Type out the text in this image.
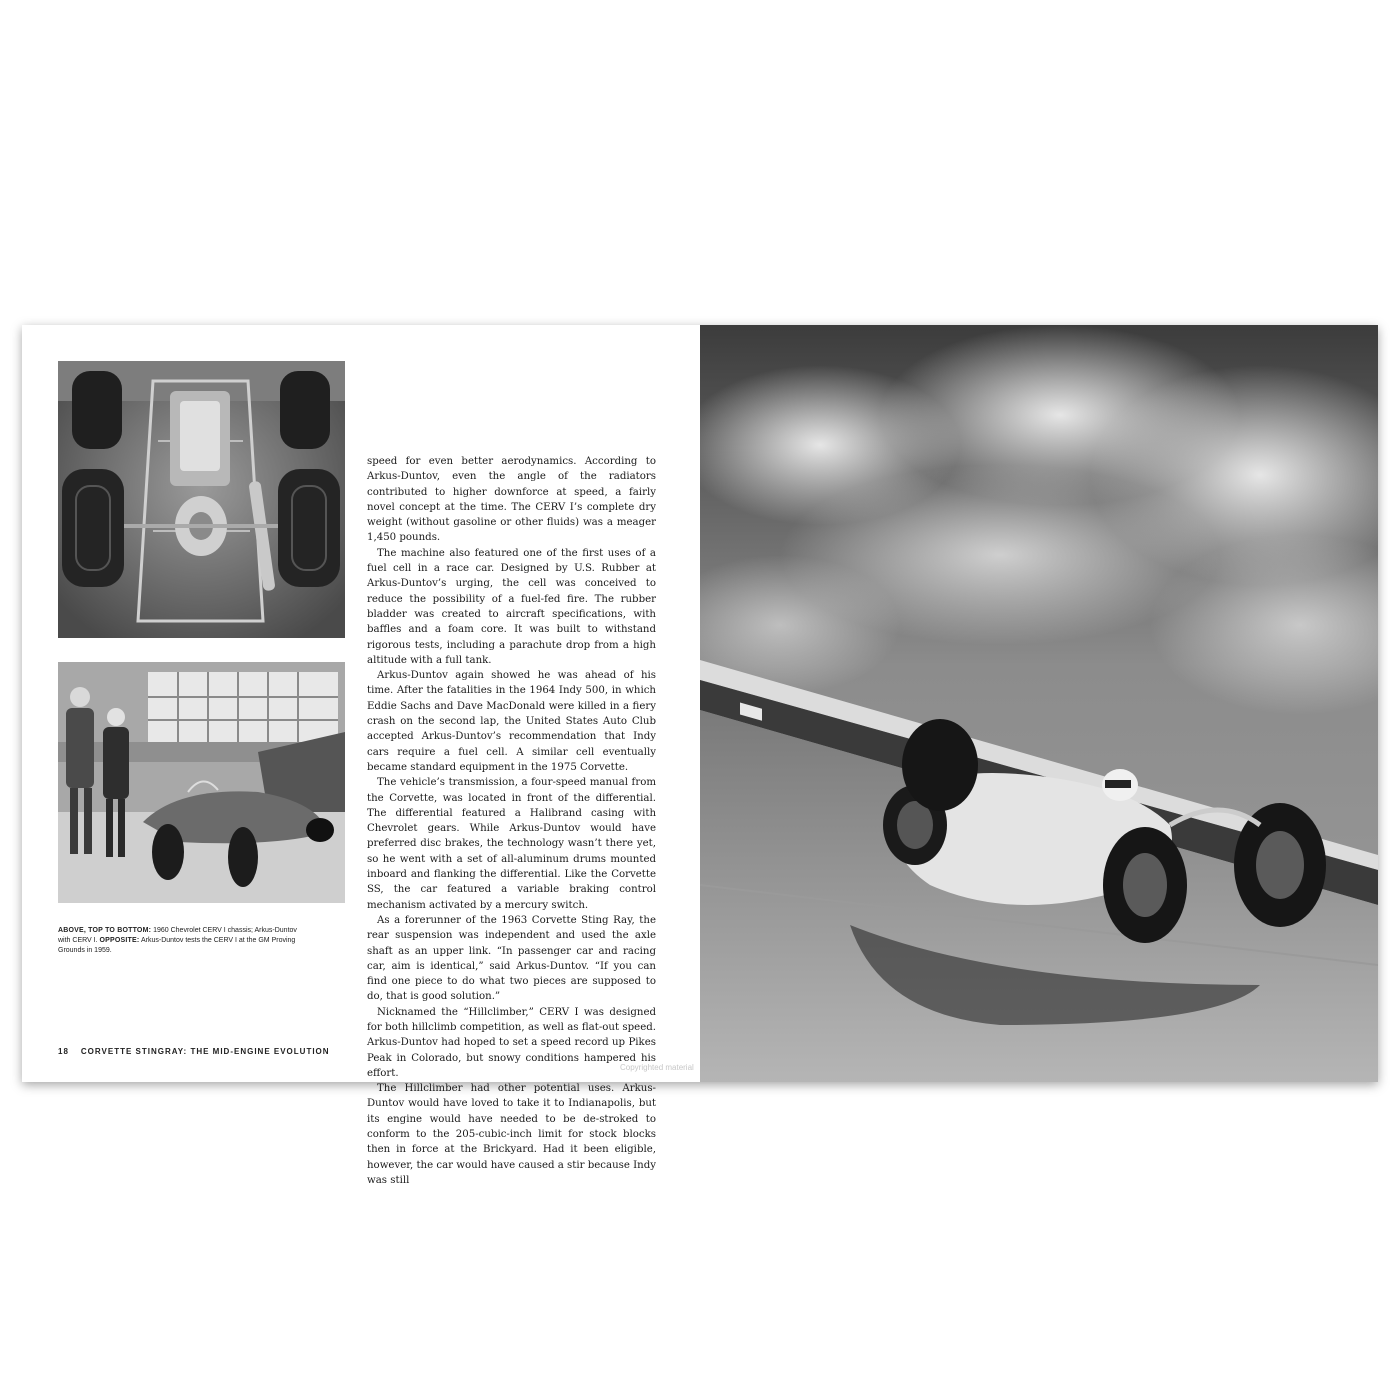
ABOVE, TOP TO BOTTOM: 1960 Chevrolet CERV I chassis; Arkus-Duntov with CERV I. OPPOSITE: Arkus-Duntov tests the CERV I at the GM Proving Grounds in 1959.

speed for even better aerodynamics. According to Arkus-Duntov, even the angle of the radiators contributed to higher downforce at speed, a fairly novel concept at the time. The CERV I’s complete dry weight (without gasoline or other fluids) was a meager 1,450 pounds.

The machine also featured one of the first uses of a fuel cell in a race car. Designed by U.S. Rubber at Arkus-Duntov’s urging, the cell was conceived to reduce the possibility of a fuel-fed fire. The rubber bladder was created to aircraft specifications, with baffles and a foam core. It was built to withstand rigorous tests, including a parachute drop from a high altitude with a full tank.

Arkus-Duntov again showed he was ahead of his time. After the fatalities in the 1964 Indy 500, in which Eddie Sachs and Dave MacDonald were killed in a fiery crash on the second lap, the United States Auto Club accepted Arkus-Duntov’s recommendation that Indy cars require a fuel cell. A similar cell eventually became standard equipment in the 1975 Corvette.

The vehicle’s transmission, a four-speed manual from the Corvette, was located in front of the differential. The differential featured a Halibrand casing with Chevrolet gears. While Arkus-Duntov would have preferred disc brakes, the technology wasn’t there yet, so he went with a set of all-aluminum drums mounted inboard and flanking the differential. Like the Corvette SS, the car featured a variable braking control mechanism activated by a mercury switch.

As a forerunner of the 1963 Corvette Sting Ray, the rear suspension was independent and used the axle shaft as an upper link. “In passenger car and racing car, aim is identical,” said Arkus-Duntov. “If you can find one piece to do what two pieces are supposed to do, that is good solution.”

Nicknamed the “Hillclimber,” CERV I was designed for both hillclimb competition, as well as flat-out speed. Arkus-Duntov had hoped to set a speed record up Pikes Peak in Colorado, but snowy conditions hampered his effort.

The Hillclimber had other potential uses. Arkus-Duntov would have loved to take it to Indianapolis, but its engine would have needed to be de-stroked to conform to the 205-cubic-inch limit for stock blocks then in force at the Brickyard. Had it been eligible, however, the car would have caused a stir because Indy was still

18 CORVETTE STINGRAY: THE MID-ENGINE EVOLUTION
Copyrighted material
